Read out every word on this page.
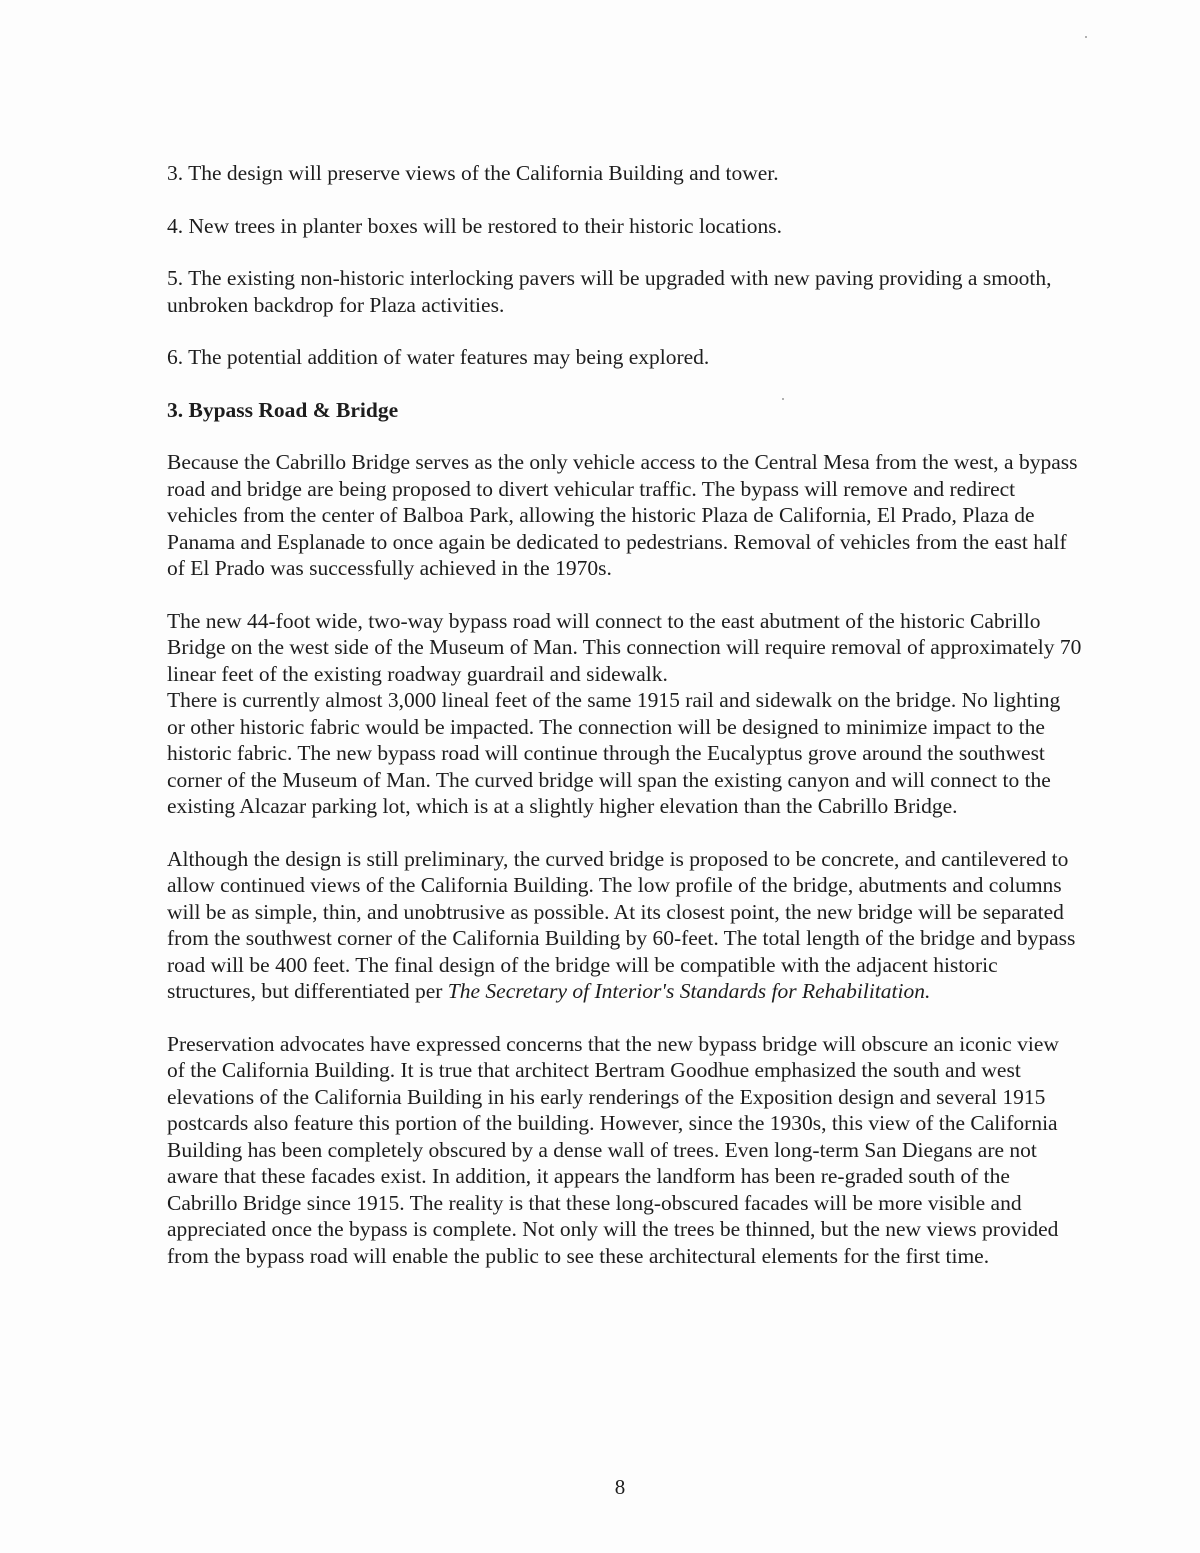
3. The design will preserve views of the California Building and tower.

4. New trees in planter boxes will be restored to their historic locations.

5. The existing non-historic interlocking pavers will be upgraded with new paving providing a smooth, unbroken backdrop for Plaza activities.

6. The potential addition of water features may being explored.

3. Bypass Road & Bridge

Because the Cabrillo Bridge serves as the only vehicle access to the Central Mesa from the west, a bypass road and bridge are being proposed to divert vehicular traffic. The bypass will remove and redirect vehicles from the center of Balboa Park, allowing the historic Plaza de California, El Prado, Plaza de Panama and Esplanade to once again be dedicated to pedestrians. Removal of vehicles from the east half of El Prado was successfully achieved in the 1970s.

The new 44-foot wide, two-way bypass road will connect to the east abutment of the historic Cabrillo Bridge on the west side of the Museum of Man. This connection will require removal of approximately 70 linear feet of the existing roadway guardrail and sidewalk.

There is currently almost 3,000 lineal feet of the same 1915 rail and sidewalk on the bridge. No lighting or other historic fabric would be impacted. The connection will be designed to minimize impact to the historic fabric. The new bypass road will continue through the Eucalyptus grove around the southwest corner of the Museum of Man. The curved bridge will span the existing canyon and will connect to the existing Alcazar parking lot, which is at a slightly higher elevation than the Cabrillo Bridge.

Although the design is still preliminary, the curved bridge is proposed to be concrete, and cantilevered to allow continued views of the California Building. The low profile of the bridge, abutments and columns will be as simple, thin, and unobtrusive as possible. At its closest point, the new bridge will be separated from the southwest corner of the California Building by 60-feet. The total length of the bridge and bypass road will be 400 feet. The final design of the bridge will be compatible with the adjacent historic structures, but differentiated per The Secretary of Interior's Standards for Rehabilitation.

Preservation advocates have expressed concerns that the new bypass bridge will obscure an iconic view of the California Building. It is true that architect Bertram Goodhue emphasized the south and west elevations of the California Building in his early renderings of the Exposition design and several 1915 postcards also feature this portion of the building. However, since the 1930s, this view of the California Building has been completely obscured by a dense wall of trees. Even long-term San Diegans are not aware that these facades exist. In addition, it appears the landform has been re-graded south of the Cabrillo Bridge since 1915. The reality is that these long-obscured facades will be more visible and appreciated once the bypass is complete. Not only will the trees be thinned, but the new views provided from the bypass road will enable the public to see these architectural elements for the first time.

8
